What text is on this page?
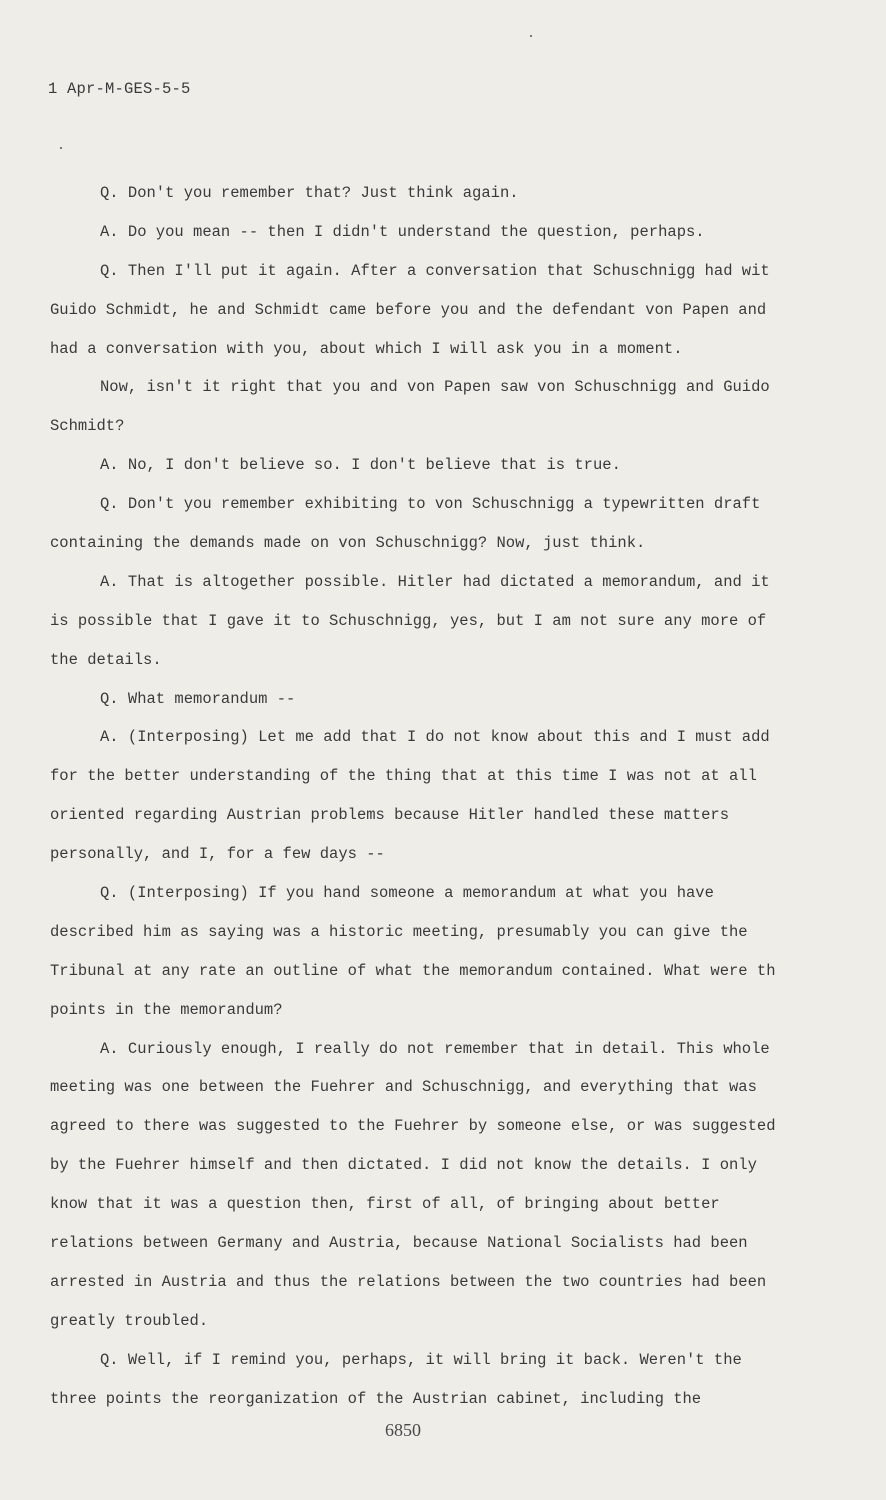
1 Apr-M-GES-5-5
Q. Don't you remember that? Just think again.
A. Do you mean -- then I didn't understand the question, perhaps.
Q. Then I'll put it again. After a conversation that Schuschnigg had wit
Guido Schmidt, he and Schmidt came before you and the defendant von Papen and
had a conversation with you, about which I will ask you in a moment.
Now, isn't it right that you and von Papen saw von Schuschnigg and Guido
Schmidt?
A. No, I don't believe so. I don't believe that is true.
Q. Don't you remember exhibiting to von Schuschnigg a typewritten draft
containing the demands made on von Schuschnigg? Now, just think.
A. That is altogether possible. Hitler had dictated a memorandum, and it
is possible that I gave it to Schuschnigg, yes, but I am not sure any more of
the details.
Q. What memorandum --
A. (Interposing) Let me add that I do not know about this and I must add
for the better understanding of the thing that at this time I was not at all
oriented regarding Austrian problems because Hitler handled these matters
personally, and I, for a few days --
Q. (Interposing) If you hand someone a memorandum at what you have
described him as saying was a historic meeting, presumably you can give the
Tribunal at any rate an outline of what the memorandum contained. What were th
points in the memorandum?
A. Curiously enough, I really do not remember that in detail. This whole
meeting was one between the Fuehrer and Schuschnigg, and everything that was
agreed to there was suggested to the Fuehrer by someone else, or was suggested
by the Fuehrer himself and then dictated. I did not know the details. I only
know that it was a question then, first of all, of bringing about better
relations between Germany and Austria, because National Socialists had been
arrested in Austria and thus the relations between the two countries had been
greatly troubled.
Q. Well, if I remind you, perhaps, it will bring it back. Weren't the
three points the reorganization of the Austrian cabinet, including the
6850
